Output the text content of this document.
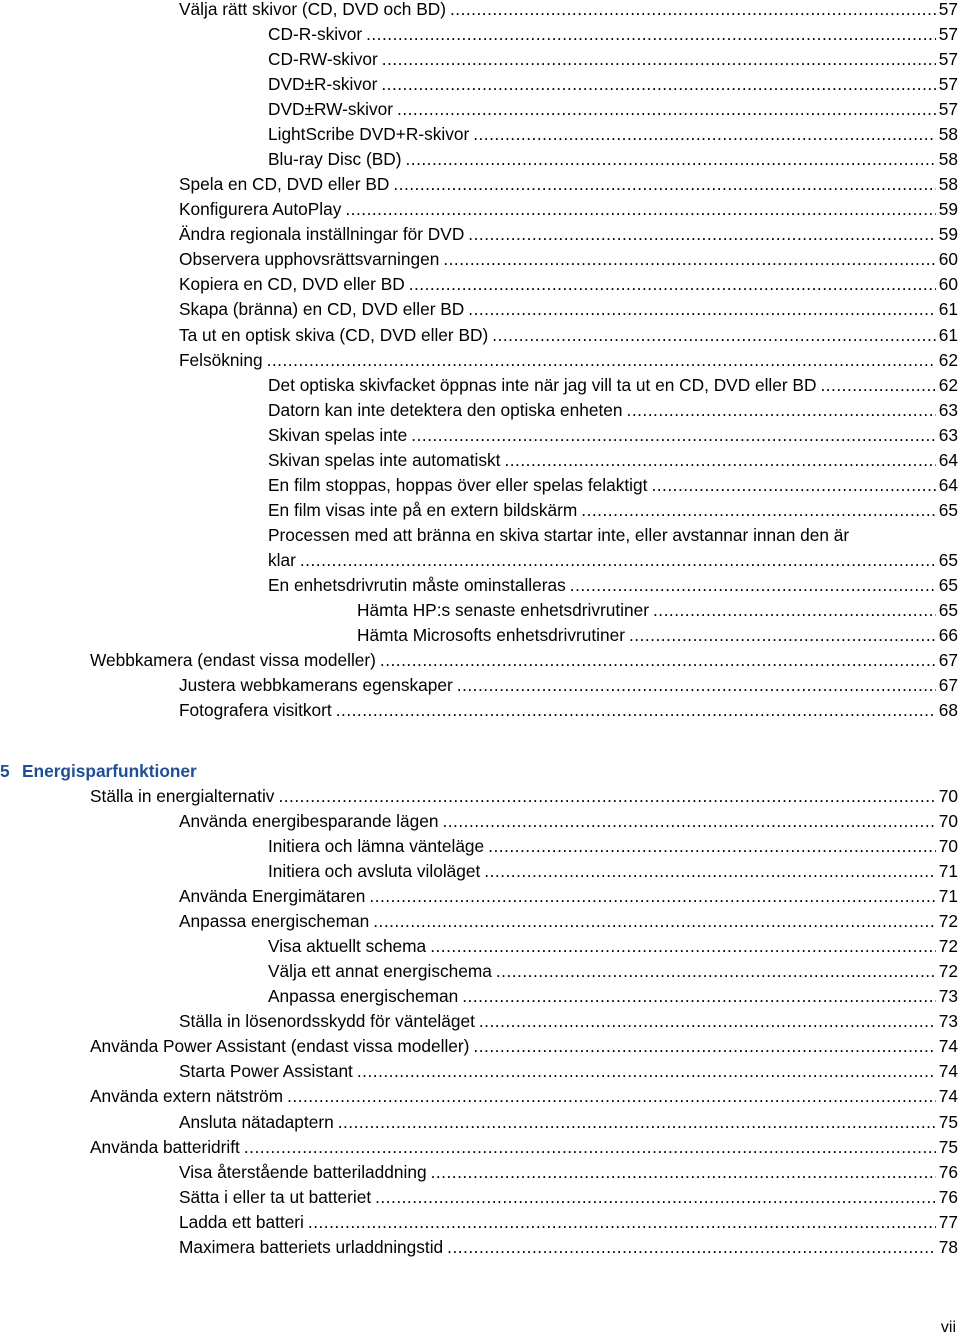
Välja rätt skivor (CD, DVD och BD) .....	57
CD-R-skivor .....	57
CD-RW-skivor .....	57
DVD±R-skivor .....	57
DVD±RW-skivor .....	57
LightScribe DVD+R-skivor .....	58
Blu-ray Disc (BD) .....	58
Spela en CD, DVD eller BD .....	58
Konfigurera AutoPlay .....	59
Ändra regionala inställningar för DVD .....	59
Observera upphovsrättsvarningen .....	60
Kopiera en CD, DVD eller BD .....	60
Skapa (bränna) en CD, DVD eller BD .....	61
Ta ut en optisk skiva (CD, DVD eller BD) .....	61
Felsökning .....	62
Det optiska skivfacket öppnas inte när jag vill ta ut en CD, DVD eller BD .....	62
Datorn kan inte detektera den optiska enheten .....	63
Skivan spelas inte .....	63
Skivan spelas inte automatiskt .....	64
En film stoppas, hoppas över eller spelas felaktigt .....	64
En film visas inte på en extern bildskärm .....	65
Processen med att bränna en skiva startar inte, eller avstannar innan den är
klar .....	65
En enhetsdrivrutin måste ominstalleras .....	65
Hämta HP:s senaste enhetsdrivrutiner .....	65
Hämta Microsofts enhetsdrivrutiner .....	66
Webbkamera (endast vissa modeller) .....	67
Justera webbkamerans egenskaper .....	67
Fotografera visitkort .....	68
5 Energisparfunktioner
Ställa in energialternativ .....	70
Använda energibesparande lägen .....	70
Initiera och lämna vänteläge .....	70
Initiera och avsluta viloläget .....	71
Använda Energimätaren .....	71
Anpassa energischeman .....	72
Visa aktuellt schema .....	72
Välja ett annat energischema .....	72
Anpassa energischeman .....	73
Ställa in lösenordsskydd för vänteläget .....	73
Använda Power Assistant (endast vissa modeller) .....	74
Starta Power Assistant .....	74
Använda extern nätström .....	74
Ansluta nätadaptern .....	75
Använda batteridrift .....	75
Visa återstående batteriladdning .....	76
Sätta i eller ta ut batteriet .....	76
Ladda ett batteri .....	77
Maximera batteriets urladdningstid .....	78
vii
